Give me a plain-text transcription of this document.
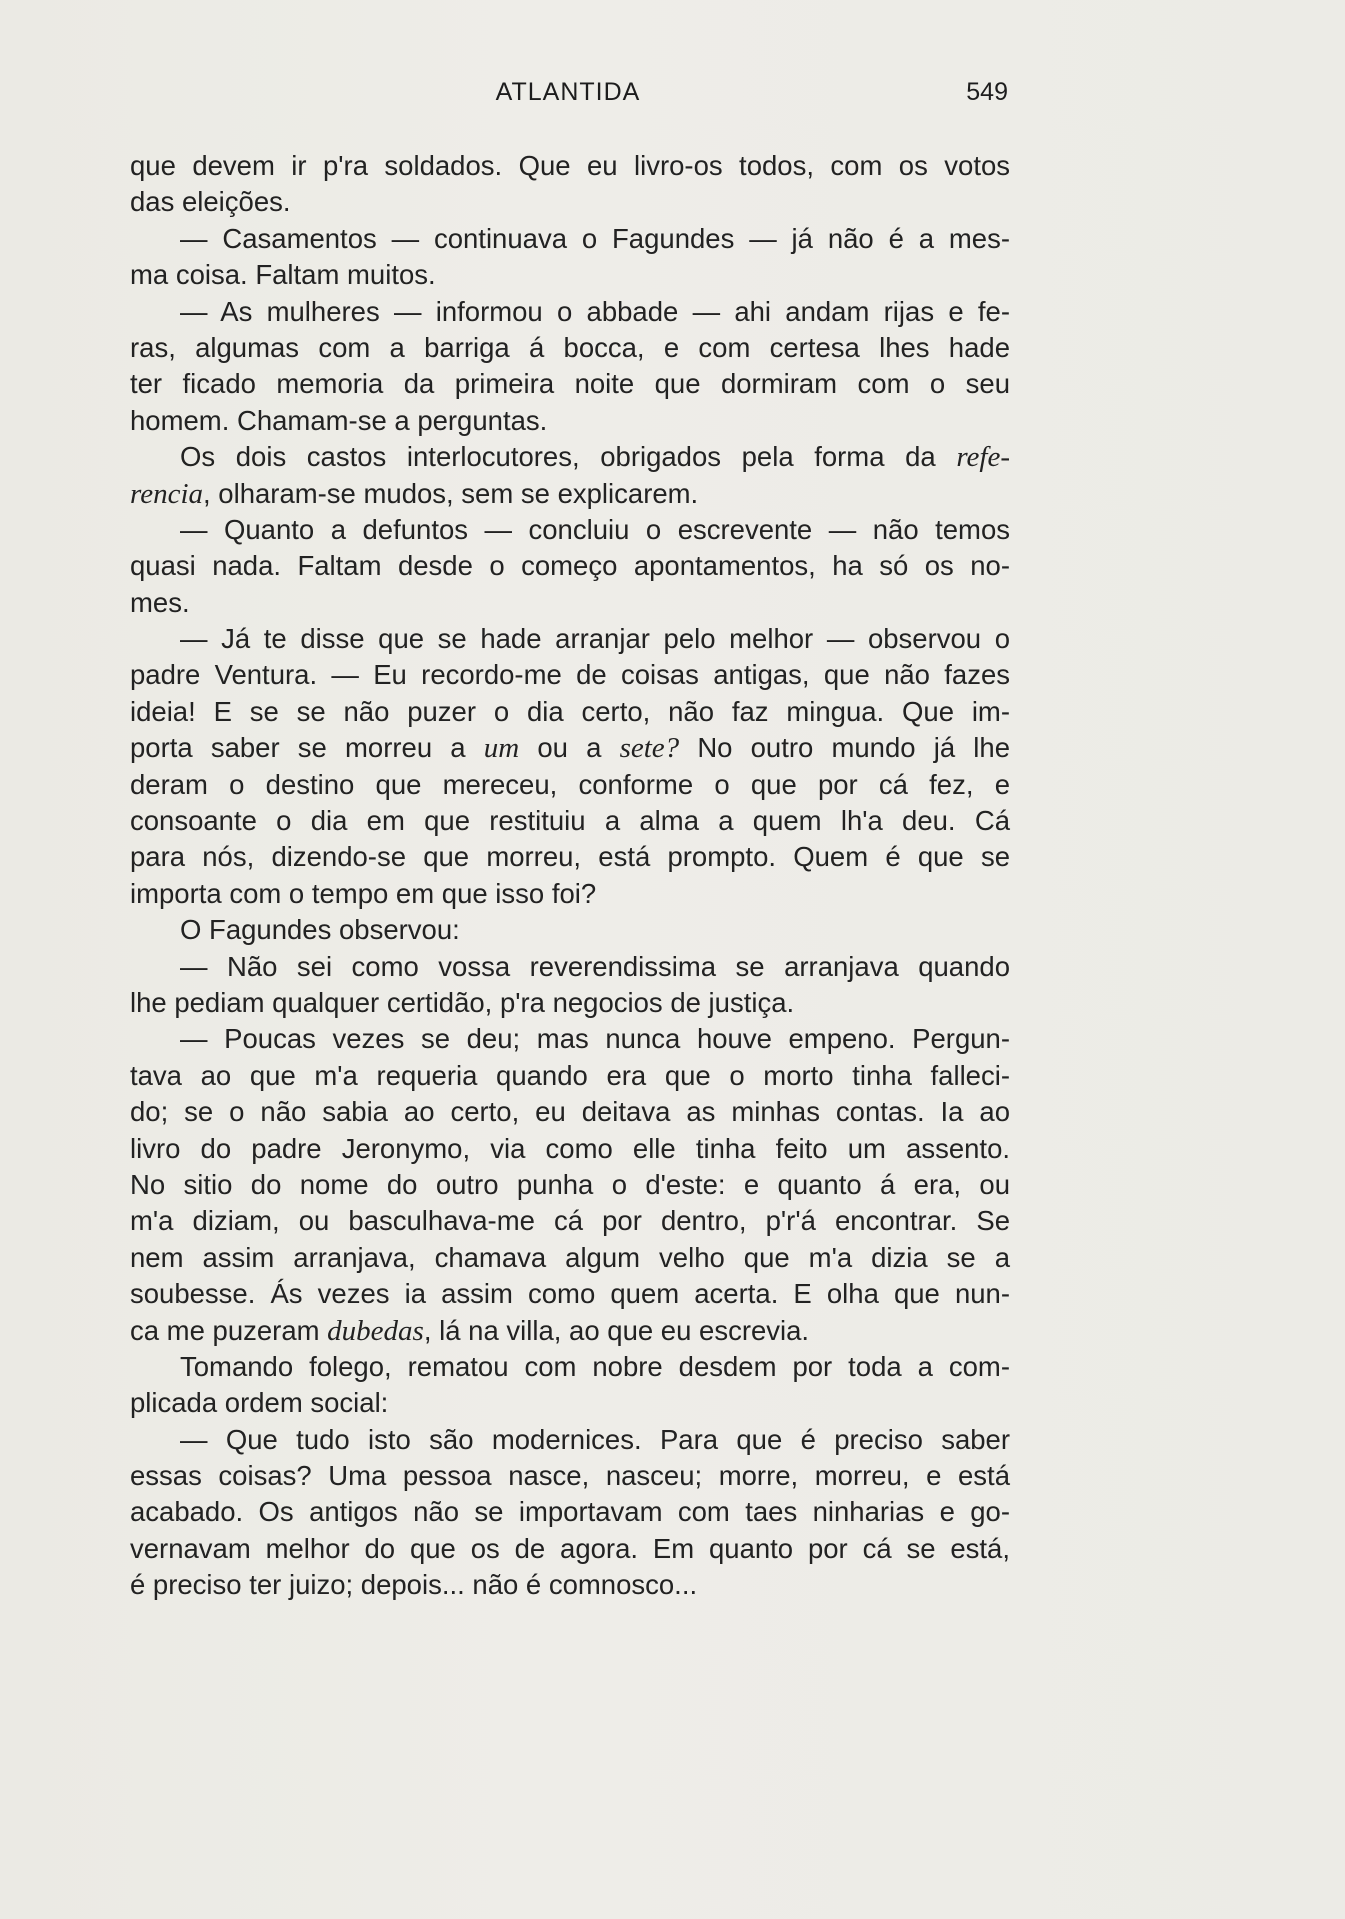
ATLANTIDA	549
que devem ir p'ra soldados. Que eu livro-os todos, com os votos
das eleições.
— Casamentos — continuava o Fagundes — já não é a mes-
ma coisa. Faltam muitos.
— As mulheres — informou o abbade — ahi andam rijas e fe-
ras, algumas com a barriga á bocca, e com certesa lhes hade
ter ficado memoria da primeira noite que dormiram com o seu
homem. Chamam-se a perguntas.
Os dois castos interlocutores, obrigados pela forma da refe-
rencia, olharam-se mudos, sem se explicarem.
— Quanto a defuntos — concluiu o escrevente — não temos
quasi nada. Faltam desde o começo apontamentos, ha só os no-
mes.
— Já te disse que se hade arranjar pelo melhor — observou o
padre Ventura. — Eu recordo-me de coisas antigas, que não fazes
ideia! E se se não puzer o dia certo, não faz mingua. Que im-
porta saber se morreu a um ou a sete? No outro mundo já lhe
deram o destino que mereceu, conforme o que por cá fez, e
consoante o dia em que restituiu a alma a quem lh'a deu. Cá
para nós, dizendo-se que morreu, está prompto. Quem é que se
importa com o tempo em que isso foi?
O Fagundes observou:
— Não sei como vossa reverendissima se arranjava quando
lhe pediam qualquer certidão, p'ra negocios de justiça.
— Poucas vezes se deu; mas nunca houve empeno. Pergun-
tava ao que m'a requeria quando era que o morto tinha falleci-
do; se o não sabia ao certo, eu deitava as minhas contas. Ia ao
livro do padre Jeronymo, via como elle tinha feito um assento.
No sitio do nome do outro punha o d'este: e quanto á era, ou
m'a diziam, ou basculhava-me cá por dentro, p'r'á encontrar. Se
nem assim arranjava, chamava algum velho que m'a dizia se a
soubesse. Ás vezes ia assim como quem acerta. E olha que nun-
ca me puzeram dubedas, lá na villa, ao que eu escrevia.
Tomando folego, rematou com nobre desdem por toda a com-
plicada ordem social:
— Que tudo isto são modernices. Para que é preciso saber
essas coisas? Uma pessoa nasce, nasceu; morre, morreu, e está
acabado. Os antigos não se importavam com taes ninharias e go-
vernavam melhor do que os de agora. Em quanto por cá se está,
é preciso ter juizo; depois... não é comnosco...
